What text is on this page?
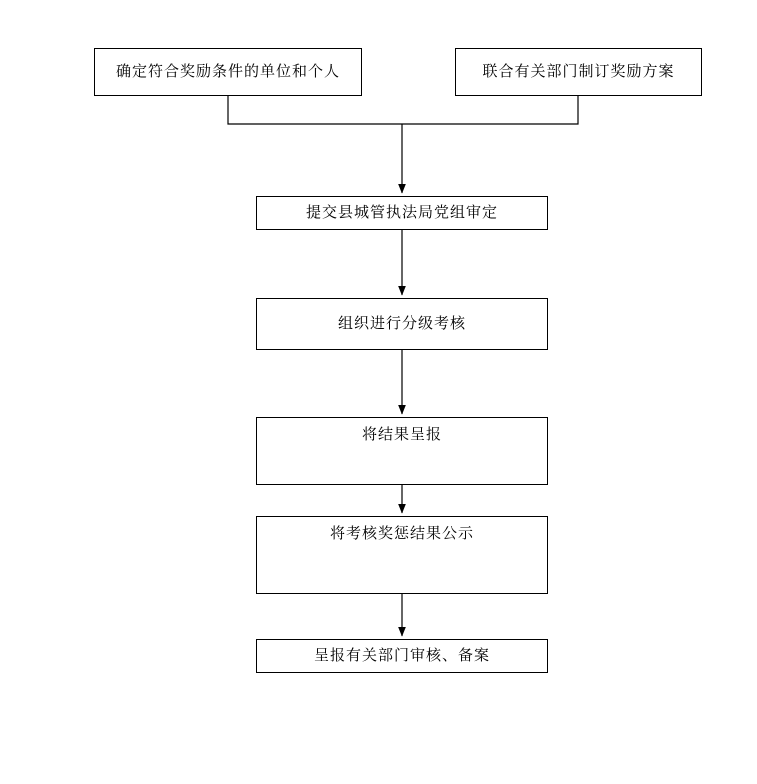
确定符合奖励条件的单位和个人	联合有关部门制订奖励方案
提交县城管执法局党组审定
组织进行分级考核
将结果呈报
将考核奖惩结果公示
呈报有关部门审核、备案
